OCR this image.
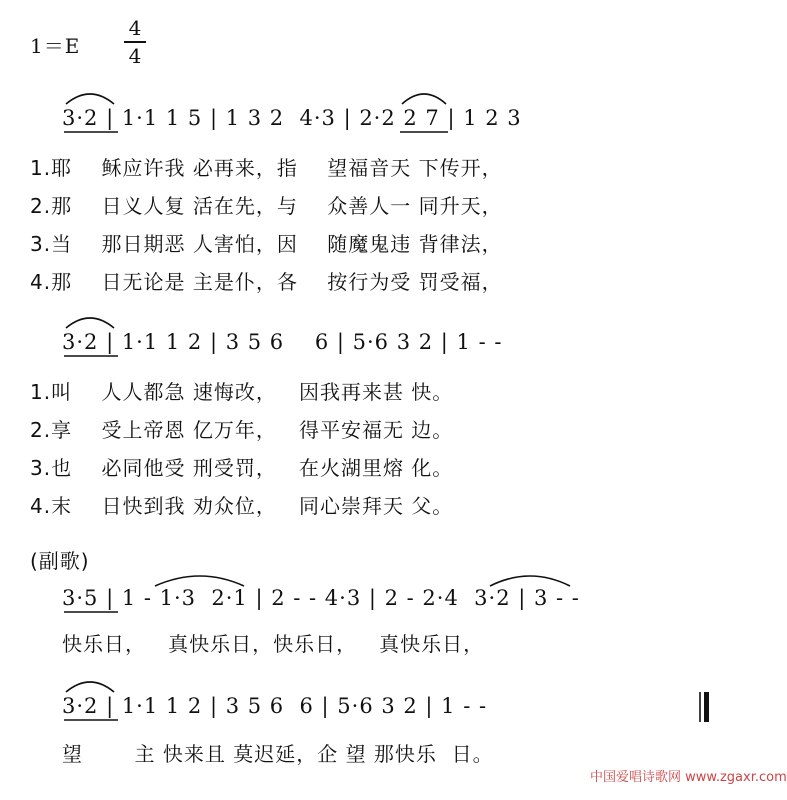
1＝E
4
4
3·2 | 1·1 1 5 | 1 3 2  4·3 | 2·2 2 7 | 1 2 3
1.耶    稣应许我 必再来，指    望福音天 下传开，
2.那    日义人复 活在先，与    众善人一 同升天，
3.当    那日期恶 人害怕，因    随魔鬼违 背律法，
4.那    日无论是 主是仆，各    按行为受 罚受福，
3·2 | 1·1 1 2 | 3 5 6    6 | 5·6 3 2 | 1 - -
1.叫    人人都急 速悔改，   因我再来甚 快。
2.享    受上帝恩 亿万年，   得平安福无 边。
3.也    必同他受 刑受罚，   在火湖里熔 化。
4.末    日快到我 劝众位，   同心崇拜天 父。
(副歌)
3·5 | 1 - 1·3  2·1 | 2 - - 4·3 | 2 - 2·4  3·2 | 3 - -
快乐日，   真快乐日，快乐日，   真快乐日，
3·2 | 1·1 1 2 | 3 5 6  6 | 5·6 3 2 | 1 - -
望       主 快来且 莫迟延，企 望 那快乐  日。
中国爱唱诗歌网 www.zgaxr.com
